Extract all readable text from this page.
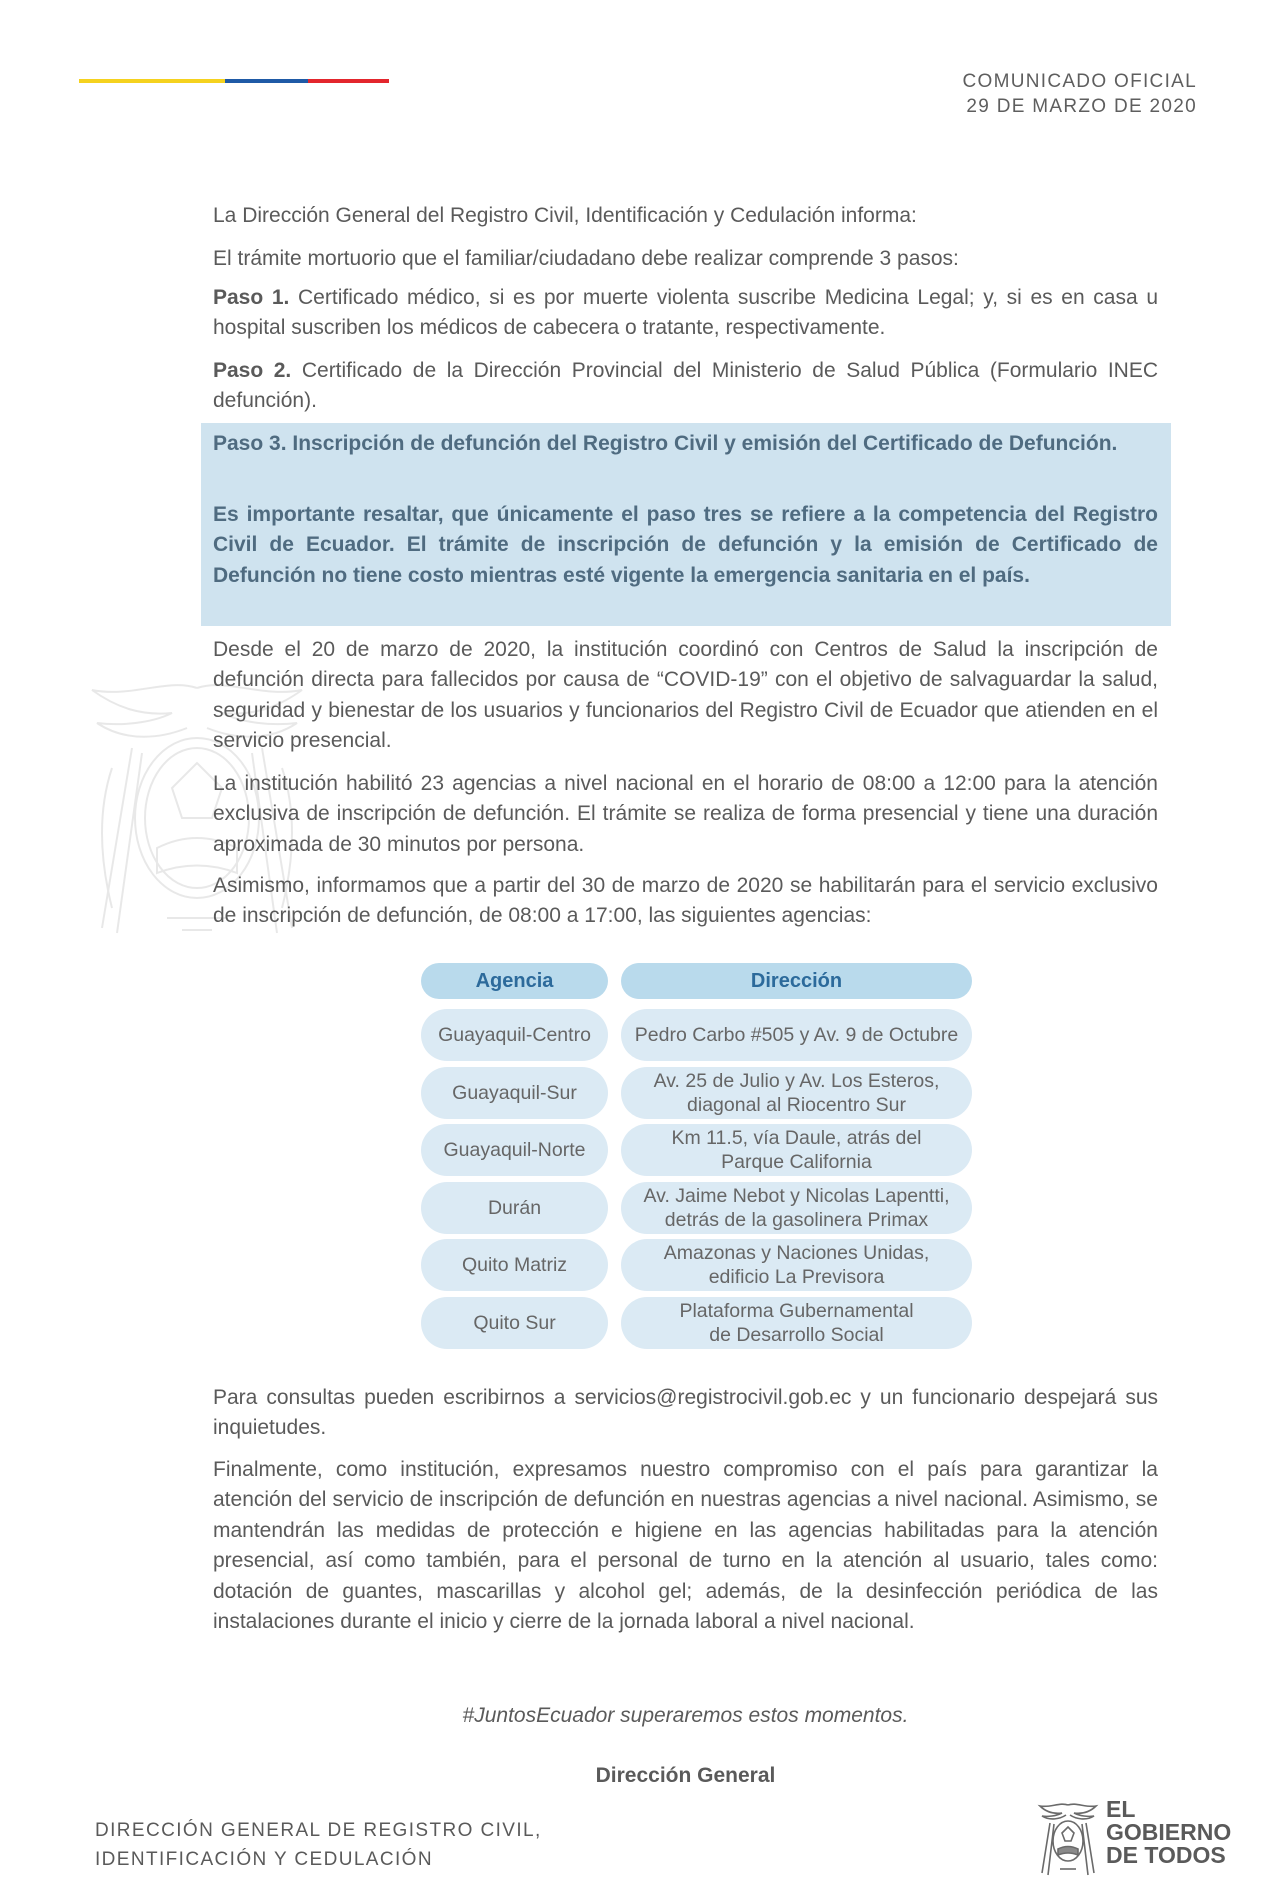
COMUNICADO OFICIAL
29 DE MARZO DE 2020

La Dirección General del Registro Civil, Identificación y Cedulación informa:

El trámite mortuorio que el familiar/ciudadano debe realizar comprende 3 pasos:

Paso 1. Certificado médico, si es por muerte violenta suscribe Medicina Legal; y, si es en casa u hospital suscriben los médicos de cabecera o tratante, respectivamente.

Paso 2. Certificado de la Dirección Provincial del Ministerio de Salud Pública (Formulario INEC defunción).

Paso 3. Inscripción de defunción del Registro Civil y emisión del Certificado de Defunción.

Es importante resaltar, que únicamente el paso tres se refiere a la competencia del Registro Civil de Ecuador. El trámite de inscripción de defunción y la emisión de Certificado de Defunción no tiene costo mientras esté vigente la emergencia sanitaria en el país.

Desde el 20 de marzo de 2020, la institución coordinó con Centros de Salud la inscripción de defunción directa para fallecidos por causa de “COVID-19” con el objetivo de salvaguardar la salud, seguridad y bienestar de los usuarios y funcionarios del Registro Civil de Ecuador que atienden en el servicio presencial.

La institución habilitó 23 agencias a nivel nacional en el horario de 08:00 a 12:00 para la atención exclusiva de inscripción de defunción. El trámite se realiza de forma presencial y tiene una duración aproximada de 30 minutos por persona.

Asimismo, informamos que a partir del 30 de marzo de 2020 se habilitarán para el servicio exclusivo de inscripción de defunción, de 08:00 a 17:00, las siguientes agencias:

Agencia	Dirección
Guayaquil-Centro Pedro Carbo #505 y Av. 9 de Octubre
Guayaquil-Sur
Av. 25 de Julio y Av. Los Esteros,
diagonal al Riocentro Sur
Guayaquil-Norte
Km 11.5, vía Daule, atrás del
Parque California
Durán
Av. Jaime Nebot y Nicolas Lapentti,
detrás de la gasolinera Primax
Quito Matriz
Amazonas y Naciones Unidas,
edificio La Previsora
Quito Sur
Plataforma Gubernamental
de Desarrollo Social

Para consultas pueden escribirnos a servicios@registrocivil.gob.ec y un funcionario despejará sus inquietudes.

Finalmente, como institución, expresamos nuestro compromiso con el país para garantizar la atención del servicio de inscripción de defunción en nuestras agencias a nivel nacional. Asimismo, se mantendrán las medidas de protección e higiene en las agencias habilitadas para la atención presencial, así como también, para el personal de turno en la atención al usuario, tales como: dotación de guantes, mascarillas y alcohol gel; además, de la desinfección periódica de las instalaciones durante el inicio y cierre de la jornada laboral a nivel nacional.

#JuntosEcuador superaremos estos momentos.
Dirección General
DIRECCIÓN GENERAL DE REGISTRO CIVIL,
IDENTIFICACIÓN Y CEDULACIÓN
EL
GOBIERNO
DE TODOS
